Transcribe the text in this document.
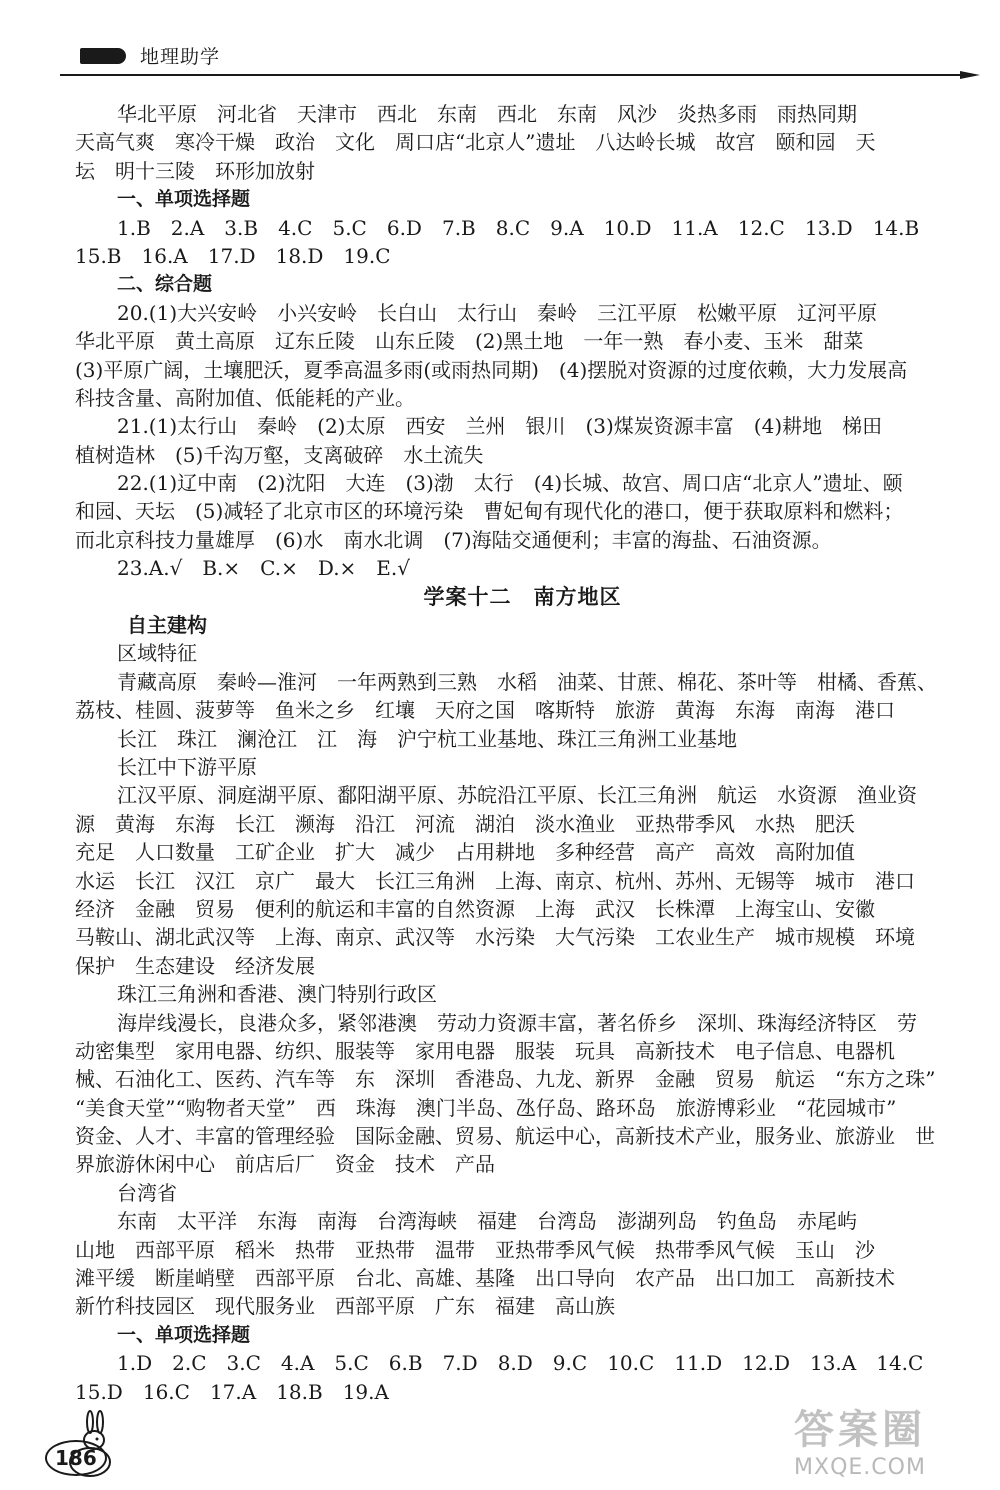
地理助学
华北平原　河北省　天津市　西北　东南　西北　东南　风沙　炎热多雨　雨热同期
天高气爽　寒冷干燥　政治　文化　周口店“北京人”遗址　八达岭长城　故宫　颐和园　天
坛　明十三陵　环形加放射
一、单项选择题
1.B　2.A　3.B　4.C　5.C　6.D　7.B　8.C　9.A　10.D　11.A　12.C　13.D　14.B
15.B　16.A　17.D　18.D　19.C
二、综合题
20.(1)大兴安岭　小兴安岭　长白山　太行山　秦岭　三江平原　松嫩平原　辽河平原
华北平原　黄土高原　辽东丘陵　山东丘陵　(2)黑土地　一年一熟　春小麦、玉米　甜菜
(3)平原广阔，土壤肥沃，夏季高温多雨(或雨热同期)　(4)摆脱对资源的过度依赖，大力发展高
科技含量、高附加值、低能耗的产业。
21.(1)太行山　秦岭　(2)太原　西安　兰州　银川　(3)煤炭资源丰富　(4)耕地　梯田
植树造林　(5)千沟万壑，支离破碎　水土流失
22.(1)辽中南　(2)沈阳　大连　(3)渤　太行　(4)长城、故宫、周口店“北京人”遗址、颐
和园、天坛　(5)减轻了北京市区的环境污染　曹妃甸有现代化的港口，便于获取原料和燃料；
而北京科技力量雄厚　(6)水　南水北调　(7)海陆交通便利；丰富的海盐、石油资源。
23.A.√　B.×　C.×　D.×　E.√
学案十二　南方地区
自主建构
区域特征
青藏高原　秦岭—淮河　一年两熟到三熟　水稻　油菜、甘蔗、棉花、茶叶等　柑橘、香蕉、
荔枝、桂圆、菠萝等　鱼米之乡　红壤　天府之国　喀斯特　旅游　黄海　东海　南海　港口
长江　珠江　澜沧江　江　海　沪宁杭工业基地、珠江三角洲工业基地
长江中下游平原
江汉平原、洞庭湖平原、鄱阳湖平原、苏皖沿江平原、长江三角洲　航运　水资源　渔业资
源　黄海　东海　长江　濒海　沿江　河流　湖泊　淡水渔业　亚热带季风　水热　肥沃
充足　人口数量　工矿企业　扩大　减少　占用耕地　多种经营　高产　高效　高附加值
水运　长江　汉江　京广　最大　长江三角洲　上海、南京、杭州、苏州、无锡等　城市　港口
经济　金融　贸易　便利的航运和丰富的自然资源　上海　武汉　长株潭　上海宝山、安徽
马鞍山、湖北武汉等　上海、南京、武汉等　水污染　大气污染　工农业生产　城市规模　环境
保护　生态建设　经济发展
珠江三角洲和香港、澳门特别行政区
海岸线漫长，良港众多，紧邻港澳　劳动力资源丰富，著名侨乡　深圳、珠海经济特区　劳
动密集型　家用电器、纺织、服装等　家用电器　服装　玩具　高新技术　电子信息、电器机
械、石油化工、医药、汽车等　东　深圳　香港岛、九龙、新界　金融　贸易　航运　“东方之珠”
“美食天堂”“购物者天堂”　西　珠海　澳门半岛、氹仔岛、路环岛　旅游博彩业　“花园城市”
资金、人才、丰富的管理经验　国际金融、贸易、航运中心，高新技术产业，服务业、旅游业　世
界旅游休闲中心　前店后厂　资金　技术　产品
台湾省
东南　太平洋　东海　南海　台湾海峡　福建　台湾岛　澎湖列岛　钓鱼岛　赤尾屿
山地　西部平原　稻米　热带　亚热带　温带　亚热带季风气候　热带季风气候　玉山　沙
滩平缓　断崖峭壁　西部平原　台北、高雄、基隆　出口导向　农产品　出口加工　高新技术
新竹科技园区　现代服务业　西部平原　广东　福建　高山族
一、单项选择题
1.D　2.C　3.C　4.A　5.C　6.B　7.D　8.D　9.C　10.C　11.D　12.D　13.A　14.C
15.D　16.C　17.A　18.B　19.A
186
答案圈
MXQE.COM
